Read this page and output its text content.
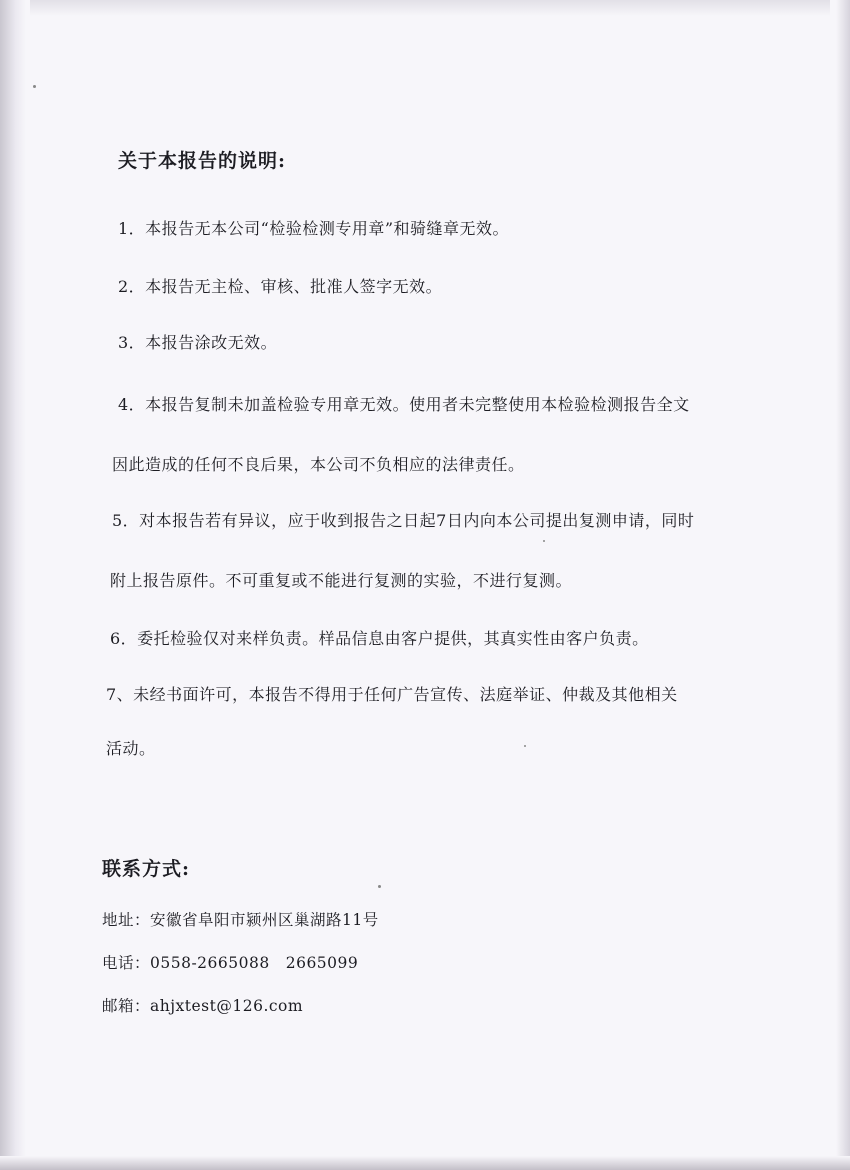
关于本报告的说明:
1．本报告无本公司“检验检测专用章”和骑缝章无效。
2．本报告无主检、审核、批准人签字无效。
3．本报告涂改无效。
4．本报告复制未加盖检验专用章无效。使用者未完整使用本检验检测报告全文
因此造成的任何不良后果，本公司不负相应的法律责任。
5．对本报告若有异议，应于收到报告之日起7日内向本公司提出复测申请，同时
附上报告原件。不可重复或不能进行复测的实验，不进行复测。
6．委托检验仅对来样负责。样品信息由客户提供，其真实性由客户负责。
7、未经书面许可，本报告不得用于任何广告宣传、法庭举证、仲裁及其他相关
活动。
联系方式:
地址：安徽省阜阳市颍州区巢湖路11号
电话：0558-2665088　2665099
邮箱：ahjxtest@126.com
